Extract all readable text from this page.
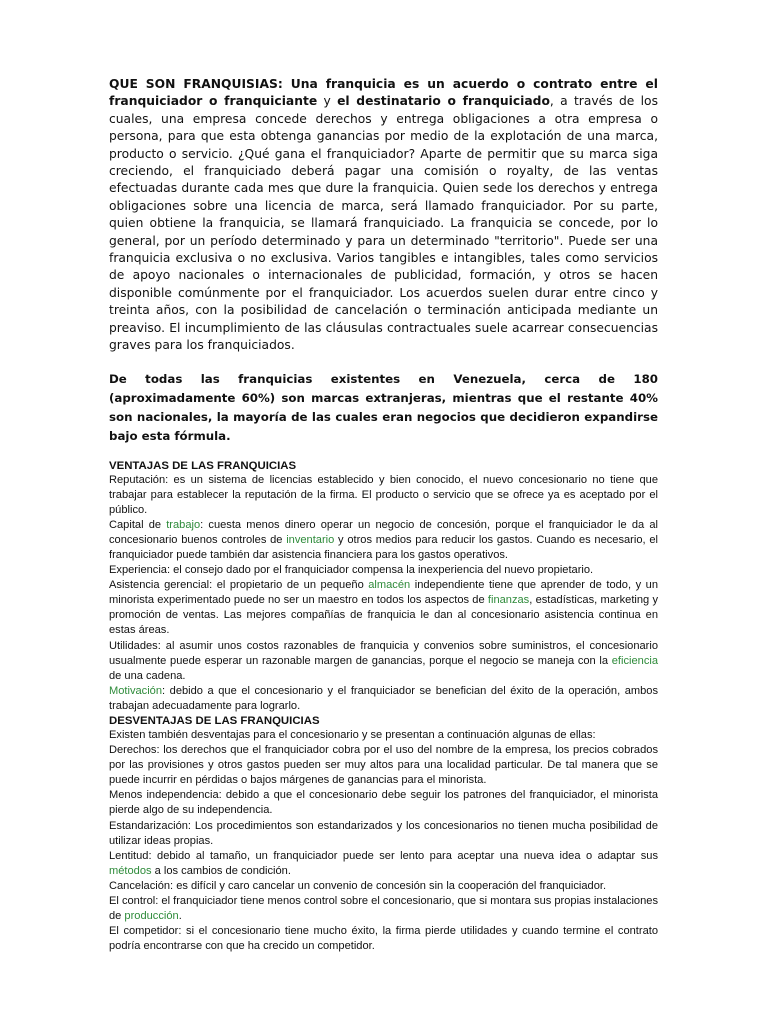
QUE SON FRANQUISIAS: Una franquicia es un acuerdo o contrato entre el franquiciador o franquiciante y el destinatario o franquiciado, a través de los cuales, una empresa concede derechos y entrega obligaciones a otra empresa o persona, para que esta obtenga ganancias por medio de la explotación de una marca, producto o servicio. ¿Qué gana el franquiciador? Aparte de permitir que su marca siga creciendo, el franquiciado deberá pagar una comisión o royalty, de las ventas efectuadas durante cada mes que dure la franquicia. Quien sede los derechos y entrega obligaciones sobre una licencia de marca, será llamado franquiciador. Por su parte, quien obtiene la franquicia, se llamará franquiciado. La franquicia se concede, por lo general, por un período determinado y para un determinado "territorio". Puede ser una franquicia exclusiva o no exclusiva. Varios tangibles e intangibles, tales como servicios de apoyo nacionales o internacionales de publicidad, formación, y otros se hacen disponible comúnmente por el franquiciador. Los acuerdos suelen durar entre cinco y treinta años, con la posibilidad de cancelación o terminación anticipada mediante un preaviso. El incumplimiento de las cláusulas contractuales suele acarrear consecuencias graves para los franquiciados.

De todas las franquicias existentes en Venezuela, cerca de 180 (aproximadamente 60%) son marcas extranjeras, mientras que el restante 40% son nacionales, la mayoría de las cuales eran negocios que decidieron expandirse bajo esta fórmula.

VENTAJAS DE LAS FRANQUICIAS

Reputación: es un sistema de licencias establecido y bien conocido, el nuevo concesionario no tiene que trabajar para establecer la reputación de la firma. El producto o servicio que se ofrece ya es aceptado por el público.

Capital de trabajo: cuesta menos dinero operar un negocio de concesión, porque el franquiciador le da al concesionario buenos controles de inventario y otros medios para reducir los gastos. Cuando es necesario, el franquiciador puede también dar asistencia financiera para los gastos operativos.

Experiencia: el consejo dado por el franquiciador compensa la inexperiencia del nuevo propietario.

Asistencia gerencial: el propietario de un pequeño almacén independiente tiene que aprender de todo, y un minorista experimentado puede no ser un maestro en todos los aspectos de finanzas, estadísticas, marketing y promoción de ventas. Las mejores compañías de franquicia le dan al concesionario asistencia continua en estas áreas.

Utilidades: al asumir unos costos razonables de franquicia y convenios sobre suministros, el concesionario usualmente puede esperar un razonable margen de ganancias, porque el negocio se maneja con la eficiencia de una cadena.

Motivación: debido a que el concesionario y el franquiciador se benefician del éxito de la operación, ambos trabajan adecuadamente para lograrlo.

DESVENTAJAS DE LAS FRANQUICIAS

Existen también desventajas para el concesionario y se presentan a continuación algunas de ellas:

Derechos: los derechos que el franquiciador cobra por el uso del nombre de la empresa, los precios cobrados por las provisiones y otros gastos pueden ser muy altos para una localidad particular. De tal manera que se puede incurrir en pérdidas o bajos márgenes de ganancias para el minorista.

Menos independencia: debido a que el concesionario debe seguir los patrones del franquiciador, el minorista pierde algo de su independencia.

Estandarización: Los procedimientos son estandarizados y los concesionarios no tienen mucha posibilidad de utilizar ideas propias.

Lentitud: debido al tamaño, un franquiciador puede ser lento para aceptar una nueva idea o adaptar sus métodos a los cambios de condición.

Cancelación: es difícil y caro cancelar un convenio de concesión sin la cooperación del franquiciador.

El control: el franquiciador tiene menos control sobre el concesionario, que si montara sus propias instalaciones de producción.

El competidor: si el concesionario tiene mucho éxito, la firma pierde utilidades y cuando termine el contrato podría encontrarse con que ha crecido un competidor.
